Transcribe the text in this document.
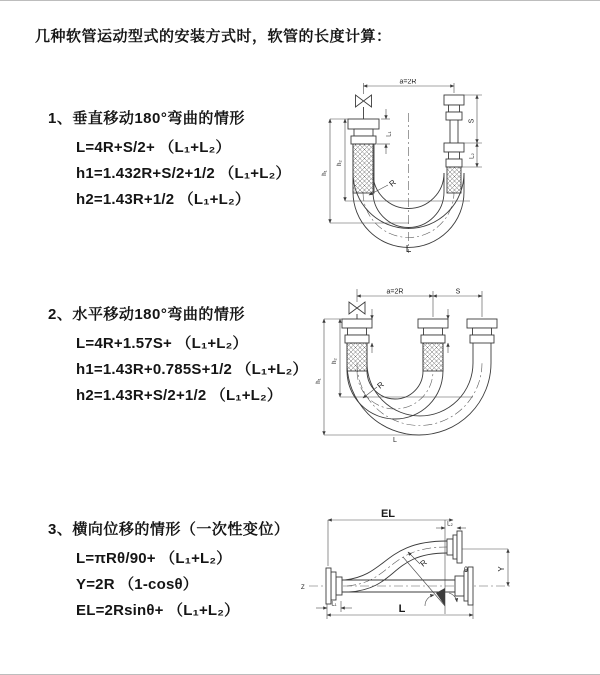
几种软管运动型式的安装方式时，软管的长度计算：
1、垂直移动180°弯曲的情形
L=4R+S/2+ （L₁+L₂）
h1=1.432R+S/2+1/2 （L₁+L₂）
h2=1.43R+1/2 （L₁+L₂）
2、水平移动180°弯曲的情形
L=4R+1.57S+ （L₁+L₂）
h1=1.43R+0.785S+1/2 （L₁+L₂）
h2=1.43R+S/2+1/2 （L₁+L₂）
3、横向位移的情形（一次性变位）
L=πRθ/90+ （L₁+L₂）
Y=2R （1-cosθ）
EL=2Rsinθ+ （L₁+L₂）
a=2R
L₁
S
L₂
h₁
h₂
R
L
a=2R	S
h₁
h₂
R
L
Z
EL
L₂
Y
R
θ
L
L₁
